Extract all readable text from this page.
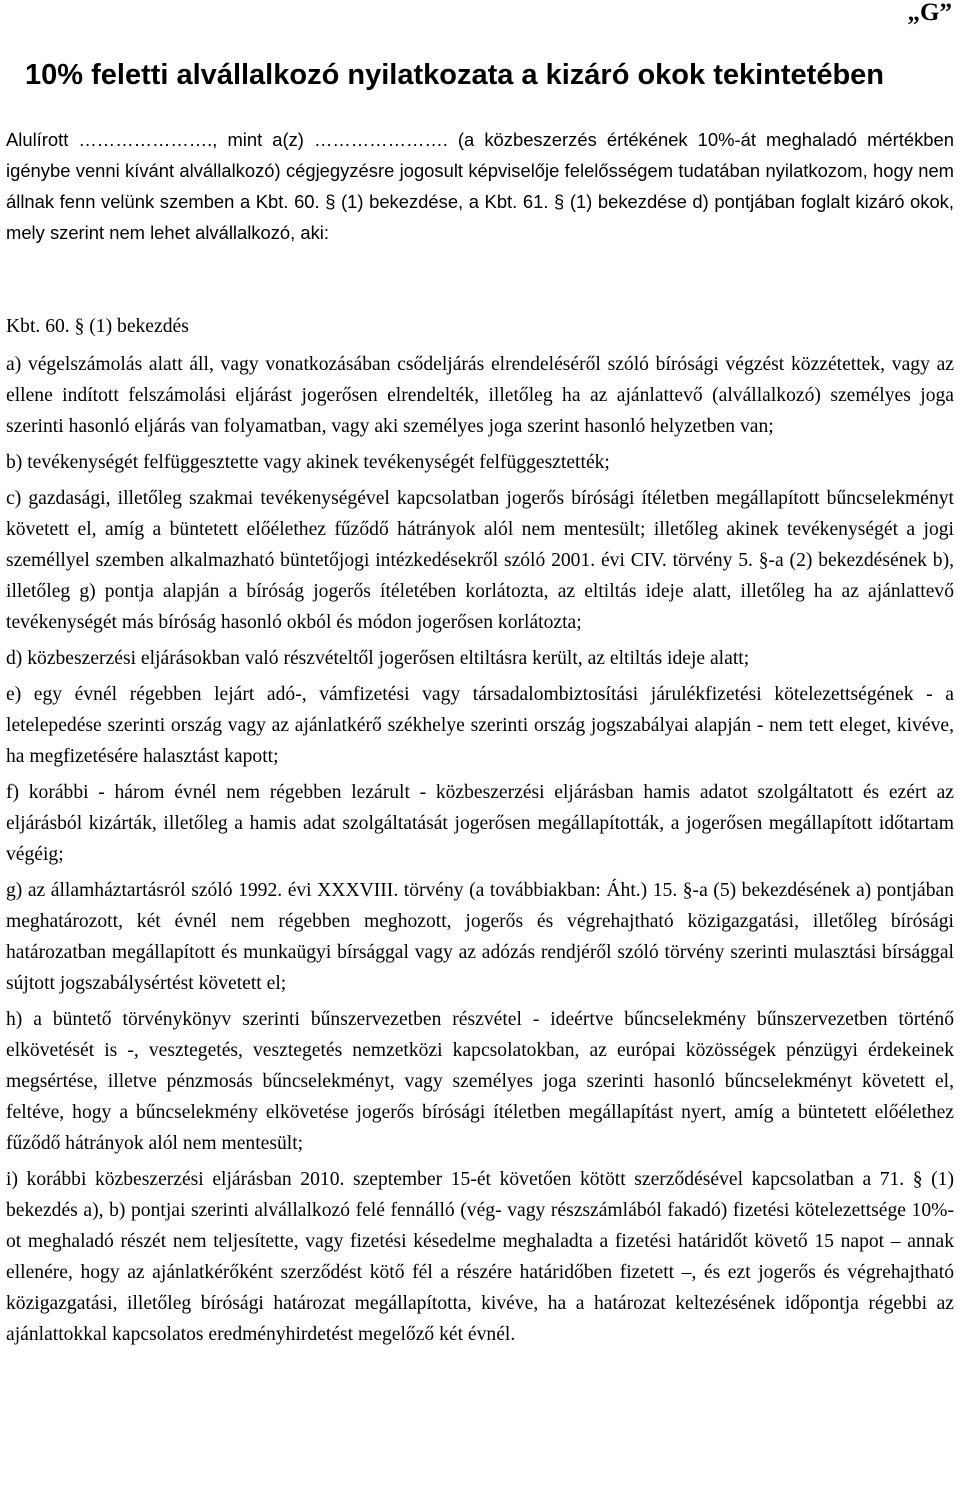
„G”

10% feletti alvállalkozó nyilatkozata a kizáró okok tekintetében

Alulírott …………………., mint a(z) …………………. (a közbeszerzés értékének 10%-át meghaladó mértékben igénybe venni kívánt alvállalkozó) cégjegyzésre jogosult képviselője felelősségem tudatában nyilatkozom, hogy nem állnak fenn velünk szemben a Kbt. 60. § (1) bekezdése, a Kbt. 61. § (1) bekezdése d) pontjában foglalt kizáró okok, mely szerint nem lehet alvállalkozó, aki:

Kbt. 60. § (1) bekezdés

a) végelszámolás alatt áll, vagy vonatkozásában csődeljárás elrendeléséről szóló bírósági végzést közzétettek, vagy az ellene indított felszámolási eljárást jogerősen elrendelték, illetőleg ha az ajánlattevő (alvállalkozó) személyes joga szerinti hasonló eljárás van folyamatban, vagy aki személyes joga szerint hasonló helyzetben van;

b) tevékenységét felfüggesztette vagy akinek tevékenységét felfüggesztették;

c) gazdasági, illetőleg szakmai tevékenységével kapcsolatban jogerős bírósági ítéletben megállapított bűncselekményt követett el, amíg a büntetett előélethez fűződő hátrányok alól nem mentesült; illetőleg akinek tevékenységét a jogi személlyel szemben alkalmazható büntetőjogi intézkedésekről szóló 2001. évi CIV. törvény 5. §-a (2) bekezdésének b), illetőleg g) pontja alapján a bíróság jogerős ítéletében korlátozta, az eltiltás ideje alatt, illetőleg ha az ajánlattevő tevékenységét más bíróság hasonló okból és módon jogerősen korlátozta;

d) közbeszerzési eljárásokban való részvételtől jogerősen eltiltásra került, az eltiltás ideje alatt;

e) egy évnél régebben lejárt adó-, vámfizetési vagy társadalombiztosítási járulékfizetési kötelezettségének - a letelepedése szerinti ország vagy az ajánlatkérő székhelye szerinti ország jogszabályai alapján - nem tett eleget, kivéve, ha megfizetésére halasztást kapott;

f) korábbi - három évnél nem régebben lezárult - közbeszerzési eljárásban hamis adatot szolgáltatott és ezért az eljárásból kizárták, illetőleg a hamis adat szolgáltatását jogerősen megállapították, a jogerősen megállapított időtartam végéig;

g) az államháztartásról szóló 1992. évi XXXVIII. törvény (a továbbiakban: Áht.) 15. §-a (5) bekezdésének a) pontjában meghatározott, két évnél nem régebben meghozott, jogerős és végrehajtható közigazgatási, illetőleg bírósági határozatban megállapított és munkaügyi bírsággal vagy az adózás rendjéről szóló törvény szerinti mulasztási bírsággal sújtott jogszabálysértést követett el;

h) a büntető törvénykönyv szerinti bűnszervezetben részvétel - ideértve bűncselekmény bűnszervezetben történő elkövetését is -, vesztegetés, vesztegetés nemzetközi kapcsolatokban, az európai közösségek pénzügyi érdekeinek megsértése, illetve pénzmosás bűncselekményt, vagy személyes joga szerinti hasonló bűncselekményt követett el, feltéve, hogy a bűncselekmény elkövetése jogerős bírósági ítéletben megállapítást nyert, amíg a büntetett előélethez fűződő hátrányok alól nem mentesült;

i) korábbi közbeszerzési eljárásban 2010. szeptember 15-ét követően kötött szerződésével kapcsolatban a 71. § (1) bekezdés a), b) pontjai szerinti alvállalkozó felé fennálló (vég- vagy részszámlából fakadó) fizetési kötelezettsége 10%-ot meghaladó részét nem teljesítette, vagy fizetési késedelme meghaladta a fizetési határidőt követő 15 napot – annak ellenére, hogy az ajánlatkérőként szerződést kötő fél a részére határidőben fizetett –, és ezt jogerős és végrehajtható közigazgatási, illetőleg bírósági határozat megállapította, kivéve, ha a határozat keltezésének időpontja régebbi az ajánlattokkal kapcsolatos eredményhirdetést megelőző két évnél.
